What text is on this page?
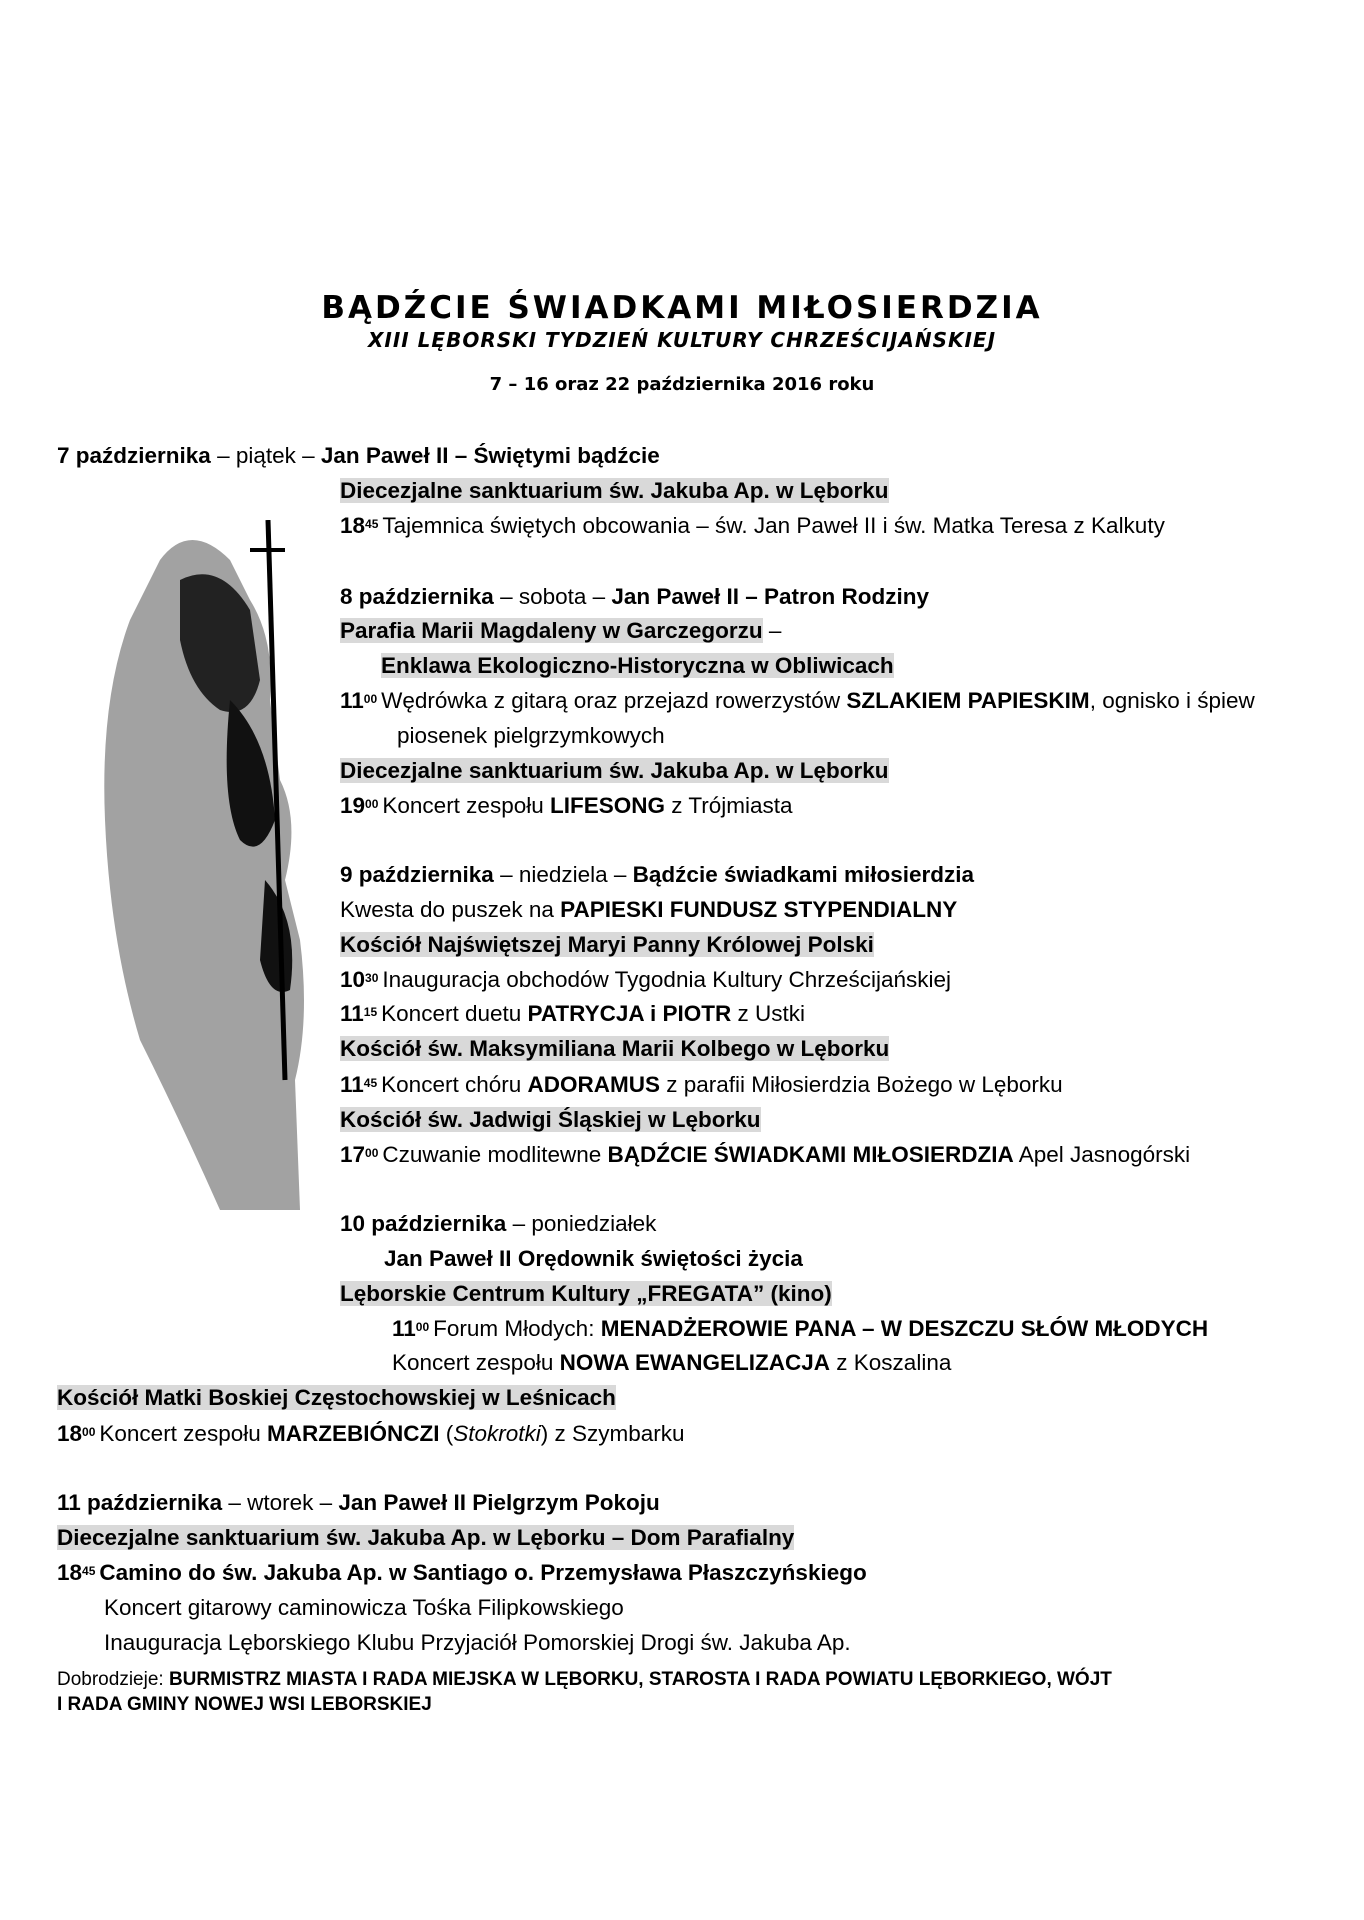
BĄDŹCIE ŚWIADKAMI MIŁOSIERDZIA
XIII LĘBORSKI TYDZIEŃ KULTURY CHRZEŚCIJAŃSKIEJ
7 – 16 oraz 22 października 2016 roku
7 października – piątek – Jan Paweł II – Świętymi bądźcie
Diecezjalne sanktuarium św. Jakuba Ap. w Lęborku
$18^{45}$ Tajemnica świętych obcowania – św. Jan Paweł II i św. Matka Teresa z Kalkuty
8 października – sobota – Jan Paweł II – Patron Rodziny
Parafia Marii Magdaleny w Garczegorzu –
Enklawa Ekologiczno-Historyczna w Obliwicach
$11^{00}$ Wędrówka z gitarą oraz przejazd rowerzystów SZLAKIEM PAPIESKIM, ognisko i śpiew
piosenek pielgrzymkowych
Diecezjalne sanktuarium św. Jakuba Ap. w Lęborku
$19^{00}$ Koncert zespołu LIFESONG z Trójmiasta
9 października – niedziela – Bądźcie świadkami miłosierdzia
Kwesta do puszek na PAPIESKI FUNDUSZ STYPENDIALNY
Kościół Najświętszej Maryi Panny Królowej Polski
$10^{30}$ Inauguracja obchodów Tygodnia Kultury Chrześcijańskiej
$11^{15}$ Koncert duetu PATRYCJA i PIOTR z Ustki
Kościół św. Maksymiliana Marii Kolbego w Lęborku
$11^{45}$ Koncert chóru ADORAMUS z parafii Miłosierdzia Bożego w Lęborku
Kościół św. Jadwigi Śląskiej w Lęborku
$17^{00}$ Czuwanie modlitewne BĄDŹCIE ŚWIADKAMI MIŁOSIERDZIA Apel Jasnogórski
10 października – poniedziałek
Jan Paweł II Orędownik świętości życia
Lęborskie Centrum Kultury „FREGATA” (kino)
$11^{00}$ Forum Młodych: MENADŻEROWIE PANA – W DESZCZU SŁÓW MŁODYCH
Koncert zespołu NOWA EWANGELIZACJA z Koszalina
Kościół Matki Boskiej Częstochowskiej w Leśnicach
$18^{00}$ Koncert zespołu MARZEBIÓNCZI (Stokrotki) z Szymbarku
11 października – wtorek – Jan Paweł II Pielgrzym Pokoju
Diecezjalne sanktuarium św. Jakuba Ap. w Lęborku – Dom Parafialny
$18^{45}$ Camino do św. Jakuba Ap. w Santiago o. Przemysława Płaszczyńskiego
Koncert gitarowy caminowicza Tośka Filipkowskiego
Inauguracja Lęborskiego Klubu Przyjaciół Pomorskiej Drogi św. Jakuba Ap.
Dobrodzieje: BURMISTRZ MIASTA I RADA MIEJSKA W LĘBORKU, STAROSTA I RADA POWIATU LĘBORKIEGO, WÓJT
I RADA GMINY NOWEJ WSI LEBORSKIEJ
